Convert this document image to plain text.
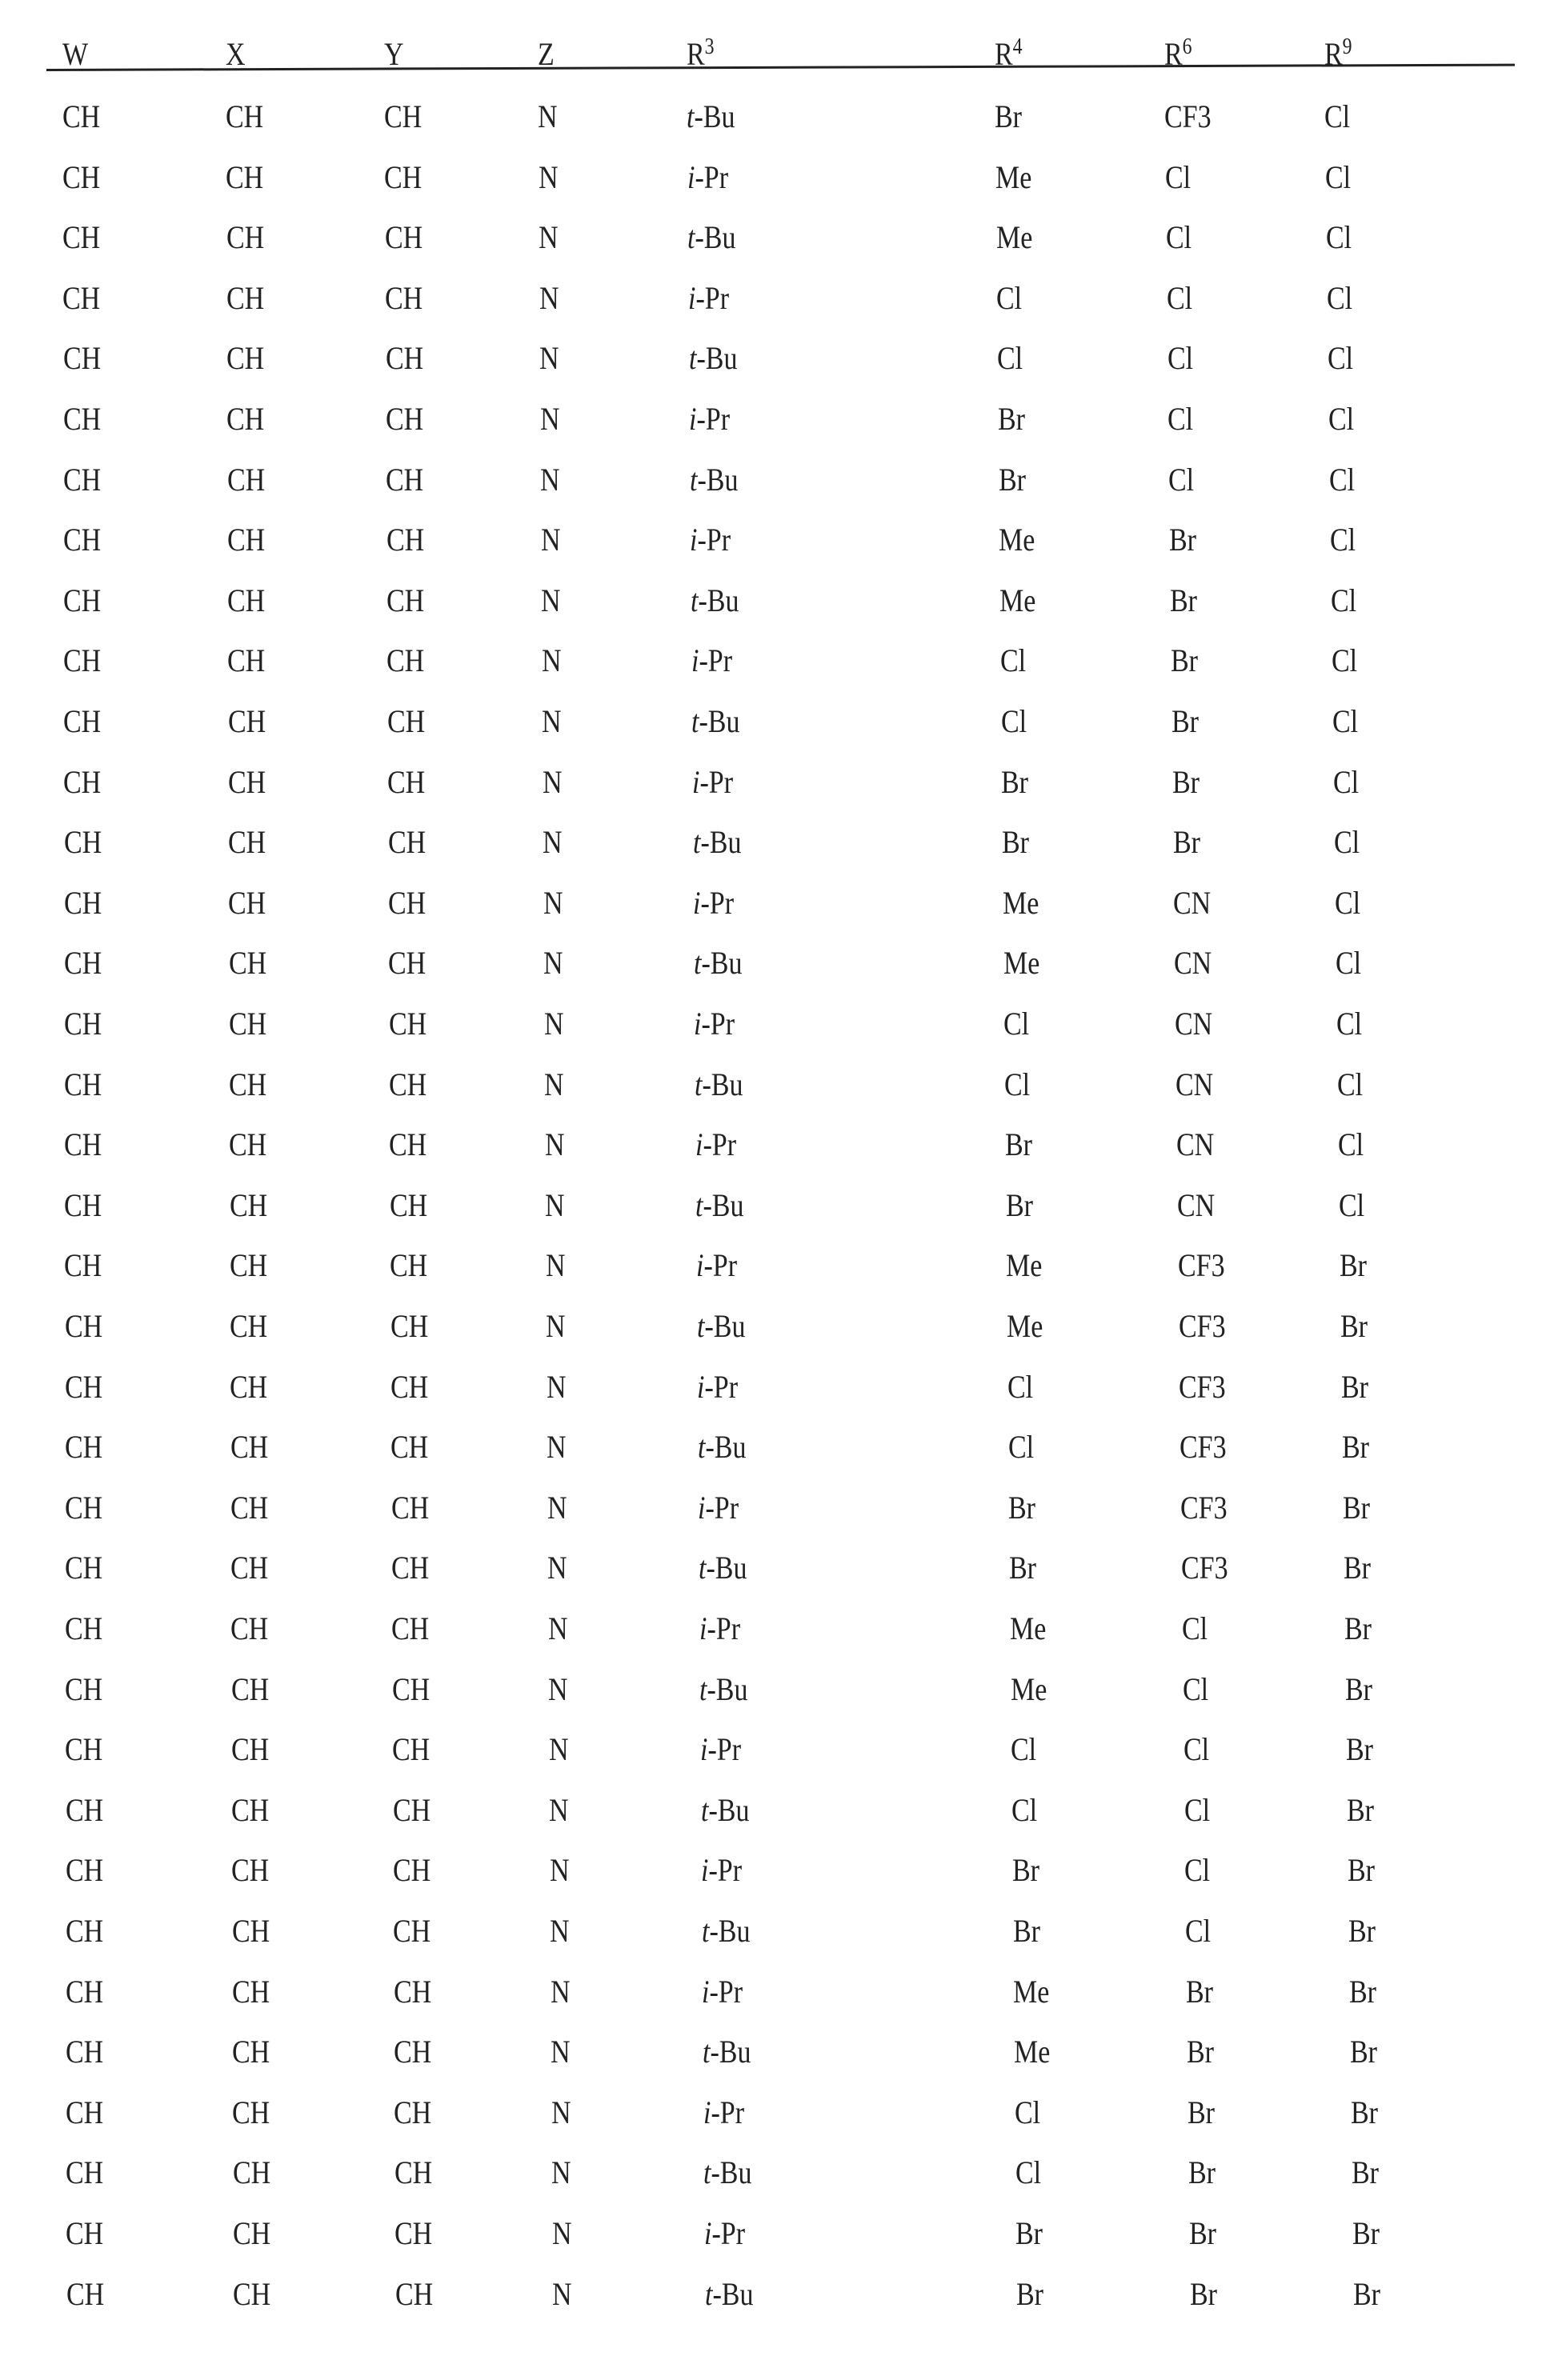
W	X	Y	Z	R3	R4	R6	R9
CH	CH	CH	N	t-Bu	Br	CF3	Cl
CH	CH	CH	N	i-Pr	Me	Cl	Cl
CH	CH	CH	N	t-Bu	Me	Cl	Cl
CH	CH	CH	N	i-Pr	Cl	Cl	Cl
CH	CH	CH	N	t-Bu	Cl	Cl	Cl
CH	CH	CH	N	i-Pr	Br	Cl	Cl
CH	CH	CH	N	t-Bu	Br	Cl	Cl
CH	CH	CH	N	i-Pr	Me	Br	Cl
CH	CH	CH	N	t-Bu	Me	Br	Cl
CH	CH	CH	N	i-Pr	Cl	Br	Cl
CH	CH	CH	N	t-Bu	Cl	Br	Cl
CH	CH	CH	N	i-Pr	Br	Br	Cl
CH	CH	CH	N	t-Bu	Br	Br	Cl
CH	CH	CH	N	i-Pr	Me	CN	Cl
CH	CH	CH	N	t-Bu	Me	CN	Cl
CH	CH	CH	N	i-Pr	Cl	CN	Cl
CH	CH	CH	N	t-Bu	Cl	CN	Cl
CH	CH	CH	N	i-Pr	Br	CN	Cl
CH	CH	CH	N	t-Bu	Br	CN	Cl
CH	CH	CH	N	i-Pr	Me	CF3	Br
CH	CH	CH	N	t-Bu	Me	CF3	Br
CH	CH	CH	N	i-Pr	Cl	CF3	Br
CH	CH	CH	N	t-Bu	Cl	CF3	Br
CH	CH	CH	N	i-Pr	Br	CF3	Br
CH	CH	CH	N	t-Bu	Br	CF3	Br
CH	CH	CH	N	i-Pr	Me	Cl	Br
CH	CH	CH	N	t-Bu	Me	Cl	Br
CH	CH	CH	N	i-Pr	Cl	Cl	Br
CH	CH	CH	N	t-Bu	Cl	Cl	Br
CH	CH	CH	N	i-Pr	Br	Cl	Br
CH	CH	CH	N	t-Bu	Br	Cl	Br
CH	CH	CH	N	i-Pr	Me	Br	Br
CH	CH	CH	N	t-Bu	Me	Br	Br
CH	CH	CH	N	i-Pr	Cl	Br	Br
CH	CH	CH	N	t-Bu	Cl	Br	Br
CH	CH	CH	N	i-Pr	Br	Br	Br
CH	CH	CH	N	t-Bu	Br	Br	Br
